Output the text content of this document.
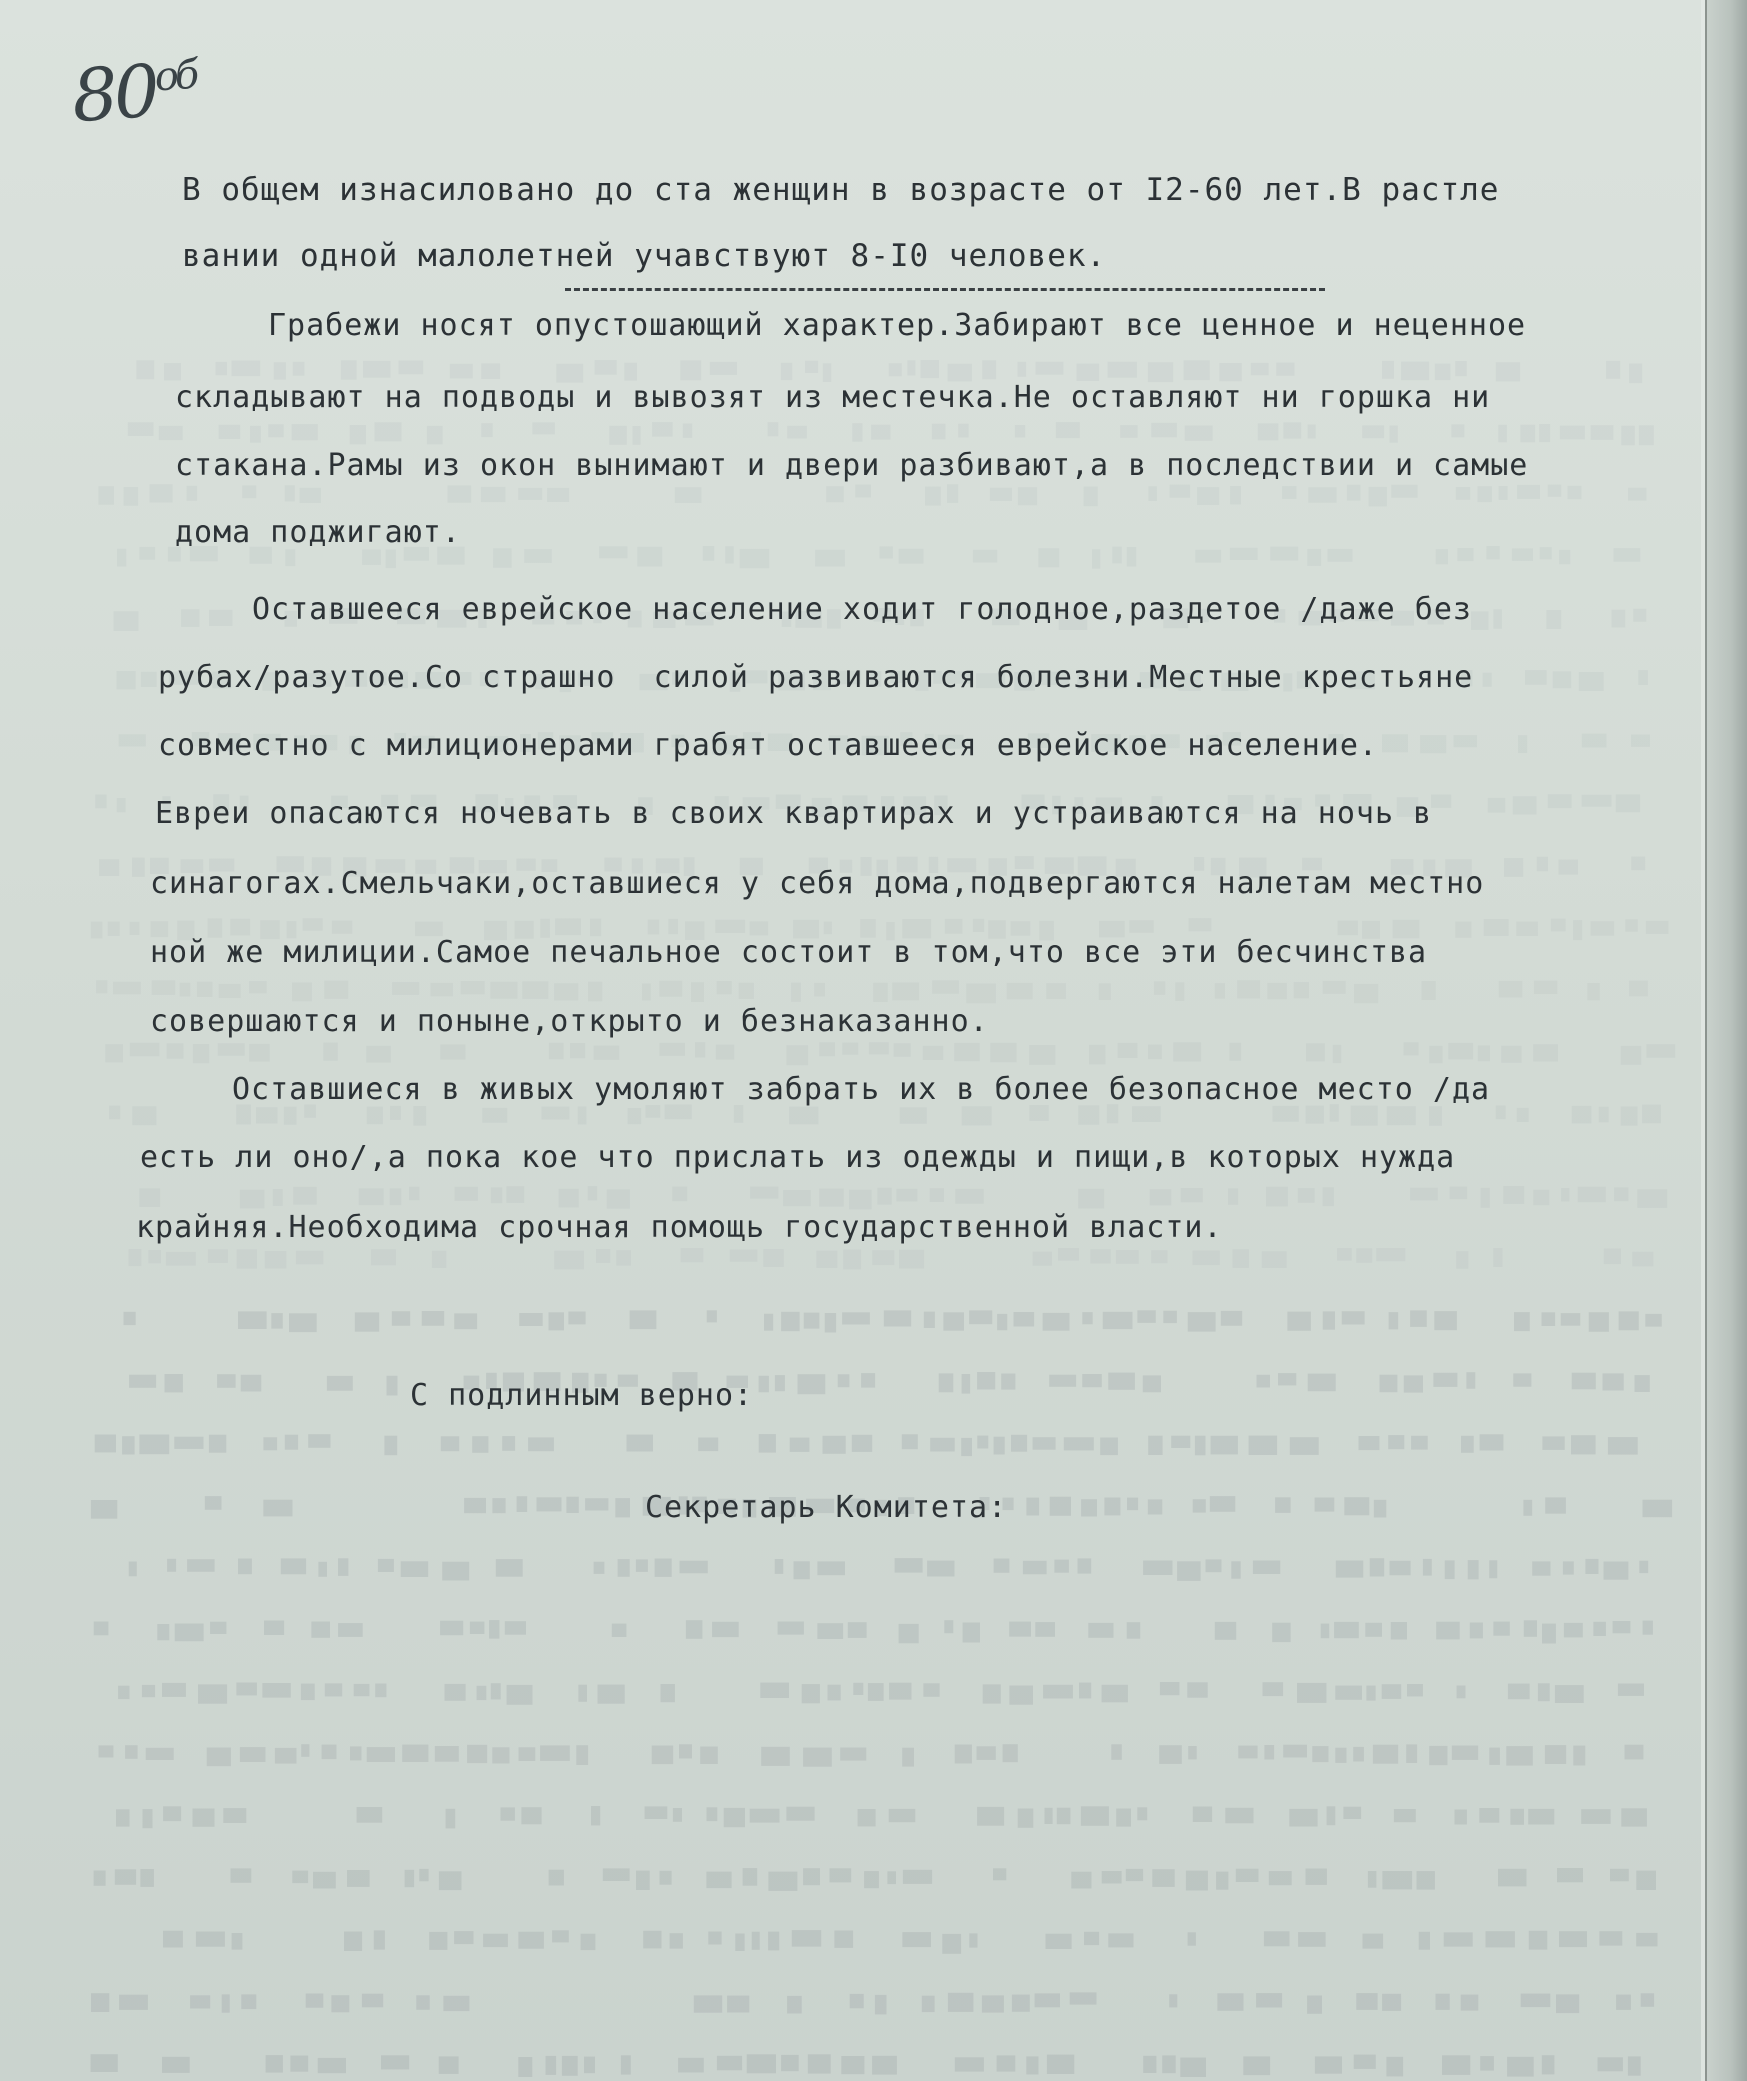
$80^{об}$
В общем изнасиловано до ста женщин в возрасте от I2-60 лет.В растле
вании одной малолетней учавствуют 8-I0 человек.
Грабежи носят опустошающий характер.Забирают все ценное и неценное
складывают на подводы и вывозят из местечка.Не оставляют ни горшка ни
стакана.Рамы из окон вынимают и двери разбивают,а в последствии и самые
дома поджигают.
Оставшееся еврейское население ходит голодное,раздетое /даже без
рубах/разутое.Со страшно  силой развиваются болезни.Местные крестьяне
совместно с милиционерами грабят оставшееся еврейское население.
Евреи опасаются ночевать в своих квартирах и устраиваются на ночь в
синагогах.Смельчаки,оставшиеся у себя дома,подвергаются налетам местно
ной же милиции.Самое печальное состоит в том,что все эти бесчинства
совершаются и поныне,открыто и безнаказанно.
Оставшиеся в живых умоляют забрать их в более безопасное место /да
есть ли оно/,а пока кое что прислать из одежды и пищи,в которых нужда
крайняя.Необходима срочная помощь государственной власти.
С подлинным верно:
Секретарь Комитета:
